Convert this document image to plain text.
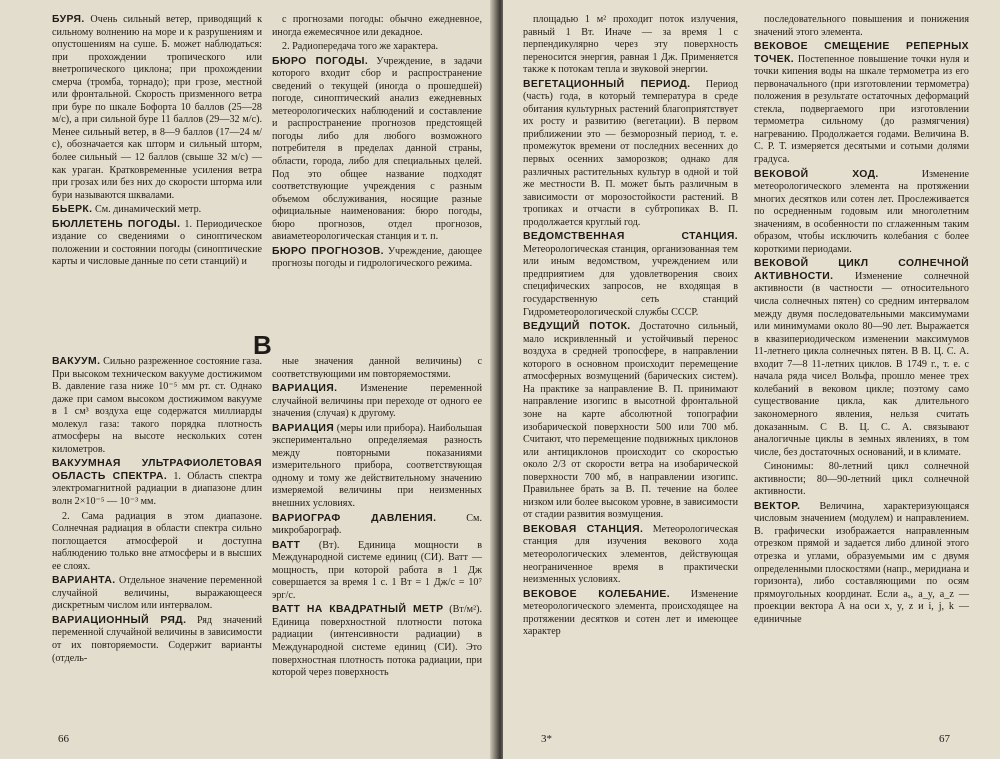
БУРЯ. Очень сильный ветер, приводящий к сильному волнению на море и к разрушениям и опустошениям на суше. Б. может наблюдаться: при прохождении тропического или внетропического циклона; при прохождении смерча (тромба, торнадо); при грозе, местной или фронтальной. Скорость призменного ветра при буре по шкале Бофорта 10 баллов (25—28 м/с), а при сильной буре 11 баллов (29—32 м/с). Менее сильный ветер, в 8—9 баллов (17—24 м/с), обозначается как шторм и сильный шторм, более сильный — 12 баллов (свыше 32 м/с) — как ураган. Кратковременные усиления ветра при грозах или без них до скорости шторма или бури называются шквалами.

БЬЕРК. См. динамический метр.

БЮЛЛЕТЕНЬ ПОГОДЫ. 1. Периодическое издание со сведениями о синоптическом положении и состоянии погоды (синоптические карты и числовые данные по сети станций) и

с прогнозами погоды: обычно ежедневное, иногда ежемесячное или декадное.

2. Радиопередача того же характера.

БЮРО ПОГОДЫ. Учреждение, в задачи которого входит сбор и распространение сведений о текущей (иногда о прошедшей) погоде, синоптический анализ ежедневных метеорологических наблюдений и составление и распространение прогнозов предстоящей погоды либо для любого возможного потребителя в пределах данной страны, области, города, либо для специальных целей. Под это общее название подходят соответствующие учреждения с разным объемом обслуживания, носящие разные официальные наименования: бюро погоды, бюро прогнозов, отдел прогнозов, авиаметеорологическая станция и т. п.

БЮРО ПРОГНОЗОВ. Учреждение, дающее прогнозы погоды и гидрологического режима.

В

ВАКУУМ. Сильно разреженное состояние газа. При высоком техническом вакууме достижимом В. давление газа ниже 10⁻⁵ мм рт. ст. Однако даже при самом высоком достижимом вакууме в 1 см³ воздуха еще содержатся миллиарды молекул газа: такого порядка плотность атмосферы на высоте нескольких сотен километров.

ВАКУУМНАЯ УЛЬТРАФИОЛЕТОВАЯ ОБЛАСТЬ СПЕКТРА. 1. Область спектра электромагнитной радиации в диапазоне длин волн 2×10⁻⁵ — 10⁻³ мм.

2. Сама радиация в этом диапазоне. Солнечная радиация в области спектра сильно поглощается атмосферой и доступна наблюдению только вне атмосферы и в высших ее слоях.

ВАРИАНТА. Отдельное значение переменной случайной величины, выражающееся дискретным числом или интервалом.

ВАРИАЦИОННЫЙ РЯД. Ряд значений переменной случайной величины в зависимости от их повторяемости. Содержит варианты (отдель-

ные значения данной величины) с соответствующими им повторяемостями.

ВАРИАЦИЯ. Изменение переменной случайной величины при переходе от одного ее значения (случая) к другому.

ВАРИАЦИЯ (меры или прибора). Наибольшая экспериментально определяемая разность между повторными показаниями измерительного прибора, соответствующая одному и тому же действительному значению измеряемой величины при неизменных внешних условиях.

ВАРИОГРАФ ДАВЛЕНИЯ. См. микробарограф.

ВАТТ (Вт). Единица мощности в Международной системе единиц (СИ). Ватт — мощность, при которой работа в 1 Дж совершается за время 1 с. 1 Вт = 1 Дж/с = 10⁷ эрг/с.

ВАТТ НА КВАДРАТНЫЙ МЕТР (Вт/м²). Единица поверхностной плотности потока радиации (интенсивности радиации) в Международной системе единиц (СИ). Это поверхностная плотность потока радиации, при которой через поверхность

66

площадью 1 м² проходит поток излучения, равный 1 Вт. Иначе — за время 1 с перпендикулярно через эту поверхность переносится энергия, равная 1 Дж. Применяется также к потокам тепла и звуковой энергии.

ВЕГЕТАЦИОННЫЙ ПЕРИОД. Период (часть) года, в который температура в среде обитания культурных растений благоприятствует их росту и развитию (вегетации). В первом приближении это — безморозный период, т. е. промежуток времени от последних весенних до первых осенних заморозков; однако для различных растительных культур в одной и той же местности В. П. может быть различным в зависимости от морозостойкости растений. В тропиках и отчасти в субтропиках В. П. продолжается круглый год.

ВЕДОМСТВЕННАЯ СТАНЦИЯ. Метеорологическая станция, организованная тем или иным ведомством, учреждением или предприятием для удовлетворения своих специфических запросов, не входящая в государственную сеть станций Гидрометеорологической службы СССР.

ВЕДУЩИЙ ПОТОК. Достаточно сильный, мало искривленный и устойчивый перенос воздуха в средней тропосфере, в направлении которого в основном происходит перемещение атмосферных возмущений (барических систем). На практике за направление В. П. принимают направление изогипс в высотной фронтальной зоне на карте абсолютной топографии изобарической поверхности 500 или 700 мб. Считают, что перемещение подвижных циклонов или антициклонов происходит со скоростью около 2/3 от скорости ветра на изобарической поверхности 700 мб, в направлении изогипс. Правильнее брать за В. П. течение на более низком или более высоком уровне, в зависимости от стадии развития возмущения.

ВЕКОВАЯ СТАНЦИЯ. Метеорологическая станция для изучения векового хода метеорологических элементов, действующая неограниченное время в практически неизменных условиях.

ВЕКОВОЕ КОЛЕБАНИЕ. Изменение метеорологического элемента, происходящее на протяжении десятков и сотен лет и имеющее характер

последовательного повышения и понижения значений этого элемента.

ВЕКОВОЕ СМЕЩЕНИЕ РЕПЕРНЫХ ТОЧЕК. Постепенное повышение точки нуля и точки кипения воды на шкале термометра из его первоначального (при изготовлении термометра) положения в результате остаточных деформаций стекла, подвергаемого при изготовлении термометра сильному (до размягчения) нагреванию. Продолжается годами. Величина В. С. Р. Т. измеряется десятыми и сотыми долями градуса.

ВЕКОВОЙ ХОД. Изменение метеорологического элемента на протяжении многих десятков или сотен лет. Прослеживается по осредненным годовым или многолетним значениям, в особенности по сглаженным таким образом, чтобы исключить колебания с более короткими периодами.

ВЕКОВОЙ ЦИКЛ СОЛНЕЧНОЙ АКТИВНОСТИ. Изменение солнечной активности (в частности — относительного числа солнечных пятен) со средним интервалом между двумя последовательными максимумами или минимумами около 80—90 лет. Выражается в квазипериодическом изменении максимумов 11-летнего цикла солнечных пятен. В В. Ц. С. А. входит 7—8 11-летних циклов. В 1749 г., т. е. с начала ряда чисел Вольфа, прошло менее трех колебаний в вековом цикле; поэтому само существование цикла, как длительного закономерного явления, нельзя считать доказанным. С В. Ц. С. А. связывают аналогичные циклы в земных явлениях, в том числе, без достаточных оснований, и в климате.

Синонимы: 80-летний цикл солнечной активности; 80—90-летний цикл солнечной активности.

ВЕКТОР. Величина, характеризующаяся числовым значением (модулем) и направлением. В. графически изображается направленным отрезком прямой и задается либо длиной этого отрезка и углами, образуемыми им с двумя определенными плоскостями (напр., меридиана и горизонта), либо составляющими по осям прямоугольных координат. Если aₓ, a_y, a_z — проекции вектора A на оси x, y, z и i, j, k — единичные

3*	67
